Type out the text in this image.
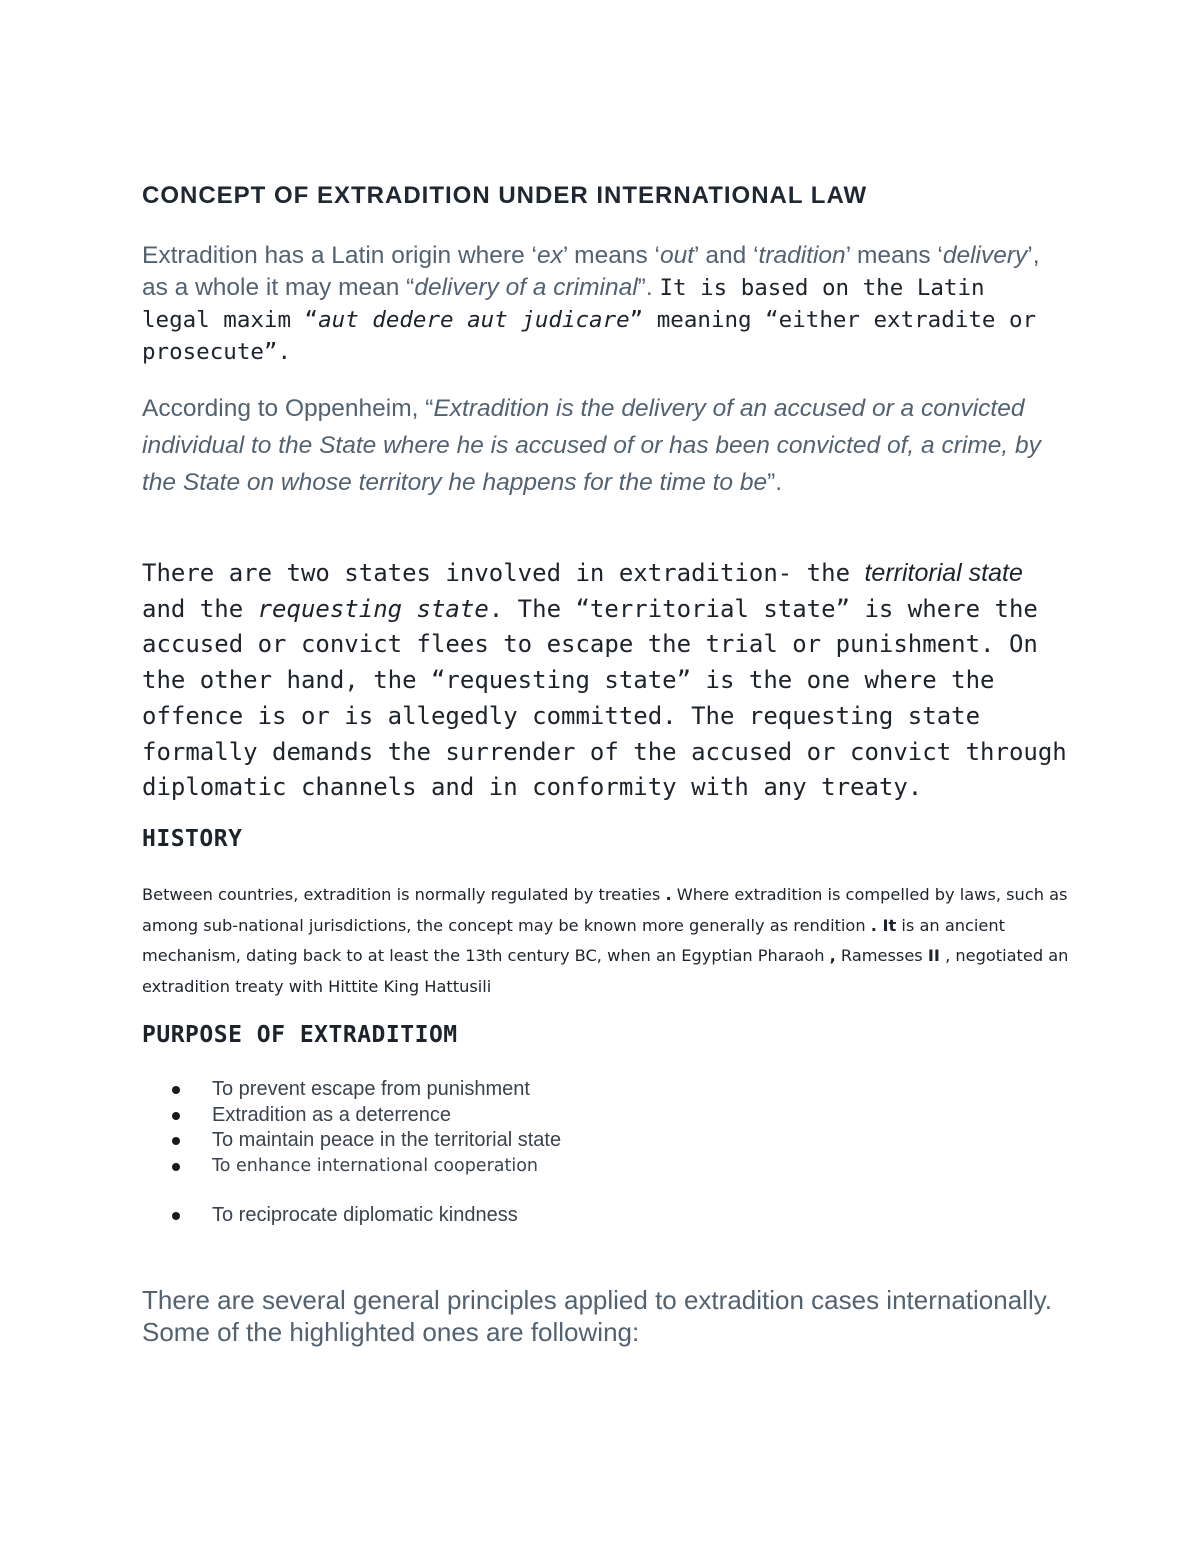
CONCEPT OF EXTRADITION UNDER INTERNATIONAL LAW

Extradition has a Latin origin where ‘ex’ means ‘out’ and ‘tradition’ means ‘delivery’, as a whole it may mean “delivery of a criminal”. It is based on the Latin legal maxim “aut dedere aut judicare” meaning “either extradite or prosecute”.

According to Oppenheim, “Extradition is the delivery of an accused or a convicted individual to the State where he is accused of or has been convicted of, a crime, by the State on whose territory he happens for the time to be”.

There are two states involved in extradition- the territorial state and the requesting state. The “territorial state” is where the accused or convict flees to escape the trial or punishment. On the other hand, the “requesting state” is the one where the offence is or is allegedly committed. The requesting state formally demands the surrender of the accused or convict through diplomatic channels and in conformity with any treaty.

HISTORY

Between countries, extradition is normally regulated by treaties . Where extradition is compelled by laws, such as among sub-national jurisdictions, the concept may be known more generally as rendition . It is an ancient mechanism, dating back to at least the 13th century BC, when an Egyptian Pharaoh , Ramesses II , negotiated an extradition treaty with Hittite King Hattusili

PURPOSE OF EXTRADITIOM
To prevent escape from punishment
Extradition as a deterrence
To maintain peace in the territorial state
To enhance international cooperation
To reciprocate diplomatic kindness

There are several general principles applied to extradition cases internationally. Some of the highlighted ones are following:
